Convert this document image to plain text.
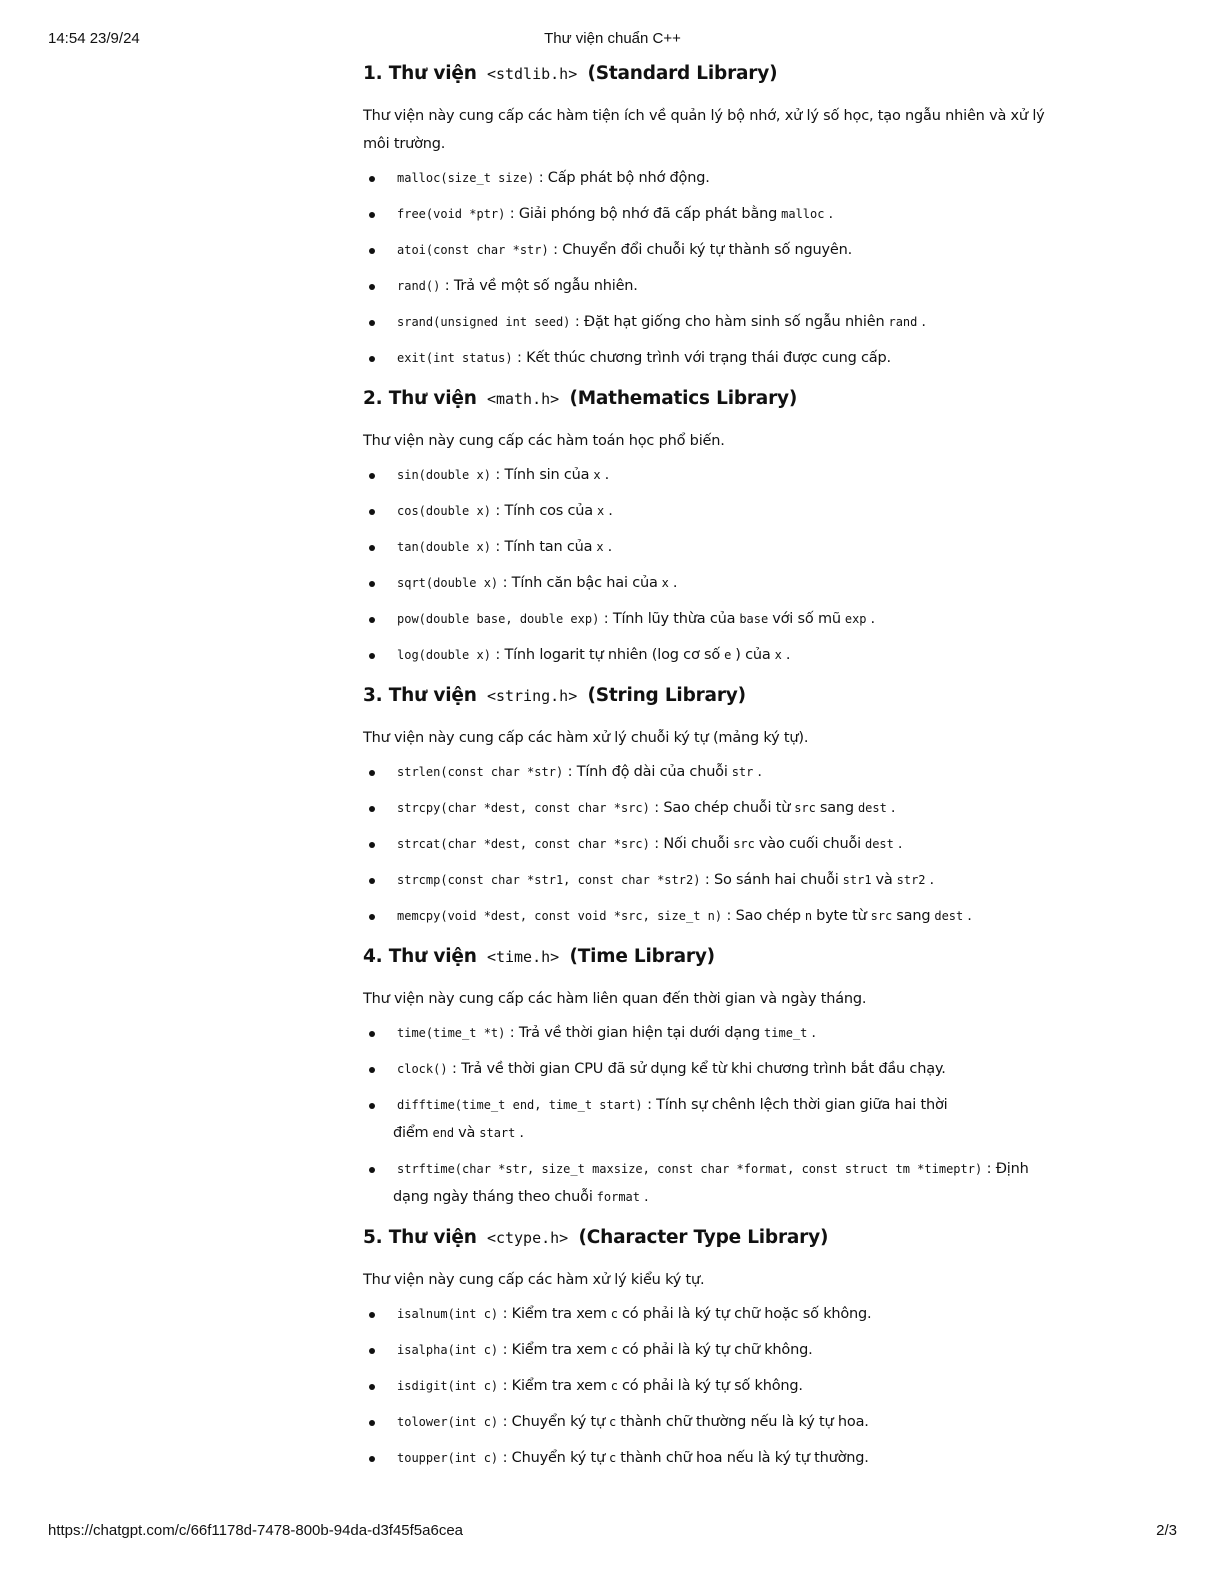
14:54 23/9/24	Thư viện chuẩn C++
1. Thư viện <stdlib.h> (Standard Library)

Thư viện này cung cấp các hàm tiện ích về quản lý bộ nhớ, xử lý số học, tạo ngẫu nhiên và xử lý môi trường.

malloc(size_t size) : Cấp phát bộ nhớ động.
free(void *ptr) : Giải phóng bộ nhớ đã cấp phát bằng malloc .
atoi(const char *str) : Chuyển đổi chuỗi ký tự thành số nguyên.
rand() : Trả về một số ngẫu nhiên.
srand(unsigned int seed) : Đặt hạt giống cho hàm sinh số ngẫu nhiên rand .
exit(int status) : Kết thúc chương trình với trạng thái được cung cấp.
2. Thư viện <math.h> (Mathematics Library)

Thư viện này cung cấp các hàm toán học phổ biến.

sin(double x) : Tính sin của x .
cos(double x) : Tính cos của x .
tan(double x) : Tính tan của x .
sqrt(double x) : Tính căn bậc hai của x .
pow(double base, double exp) : Tính lũy thừa của base với số mũ exp .
log(double x) : Tính logarit tự nhiên (log cơ số e ) của x .
3. Thư viện <string.h> (String Library)

Thư viện này cung cấp các hàm xử lý chuỗi ký tự (mảng ký tự).

strlen(const char *str) : Tính độ dài của chuỗi str .
strcpy(char *dest, const char *src) : Sao chép chuỗi từ src sang dest .
strcat(char *dest, const char *src) : Nối chuỗi src vào cuối chuỗi dest .
strcmp(const char *str1, const char *str2) : So sánh hai chuỗi str1 và str2 .
memcpy(void *dest, const void *src, size_t n) : Sao chép n byte từ src sang dest .
4. Thư viện <time.h> (Time Library)

Thư viện này cung cấp các hàm liên quan đến thời gian và ngày tháng.

time(time_t *t) : Trả về thời gian hiện tại dưới dạng time_t .
clock() : Trả về thời gian CPU đã sử dụng kể từ khi chương trình bắt đầu chạy.
difftime(time_t end, time_t start) : Tính sự chênh lệch thời gian giữa hai thời
điểm end và start .
strftime(char *str, size_t maxsize, const char *format, const struct tm *timeptr) : Định
dạng ngày tháng theo chuỗi format .
5. Thư viện <ctype.h> (Character Type Library)

Thư viện này cung cấp các hàm xử lý kiểu ký tự.

isalnum(int c) : Kiểm tra xem c có phải là ký tự chữ hoặc số không.
isalpha(int c) : Kiểm tra xem c có phải là ký tự chữ không.
isdigit(int c) : Kiểm tra xem c có phải là ký tự số không.
tolower(int c) : Chuyển ký tự c thành chữ thường nếu là ký tự hoa.
toupper(int c) : Chuyển ký tự c thành chữ hoa nếu là ký tự thường.
https://chatgpt.com/c/66f1178d-7478-800b-94da-d3f45f5a6cea	2/3
